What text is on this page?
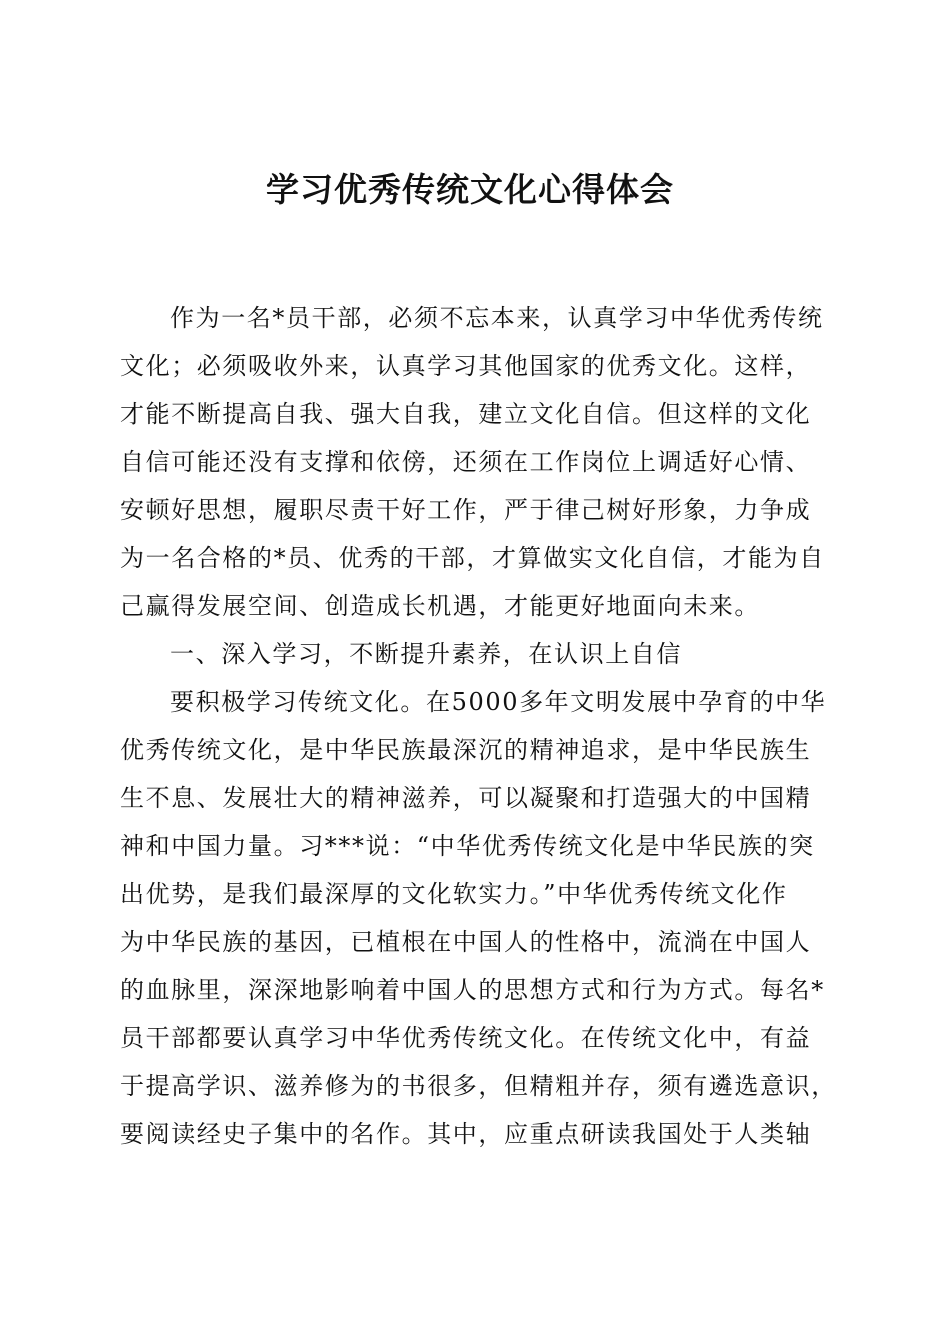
学习优秀传统文化心得体会
作为一名*员干部，必须不忘本来，认真学习中华优秀传统
文化；必须吸收外来，认真学习其他国家的优秀文化。这样，
才能不断提高自我、强大自我，建立文化自信。但这样的文化
自信可能还没有支撑和依傍，还须在工作岗位上调适好心情、
安顿好思想，履职尽责干好工作，严于律己树好形象，力争成
为一名合格的*员、优秀的干部，才算做实文化自信，才能为自
己赢得发展空间、创造成长机遇，才能更好地面向未来。
一、深入学习，不断提升素养，在认识上自信
要积极学习传统文化。在5000多年文明发展中孕育的中华
优秀传统文化，是中华民族最深沉的精神追求，是中华民族生
生不息、发展壮大的精神滋养，可以凝聚和打造强大的中国精
神和中国力量。习***说：“中华优秀传统文化是中华民族的突
出优势，是我们最深厚的文化软实力。”中华优秀传统文化作
为中华民族的基因，已植根在中国人的性格中，流淌在中国人
的血脉里，深深地影响着中国人的思想方式和行为方式。每名*
员干部都要认真学习中华优秀传统文化。在传统文化中，有益
于提高学识、滋养修为的书很多，但精粗并存，须有遴选意识，
要阅读经史子集中的名作。其中，应重点研读我国处于人类轴
